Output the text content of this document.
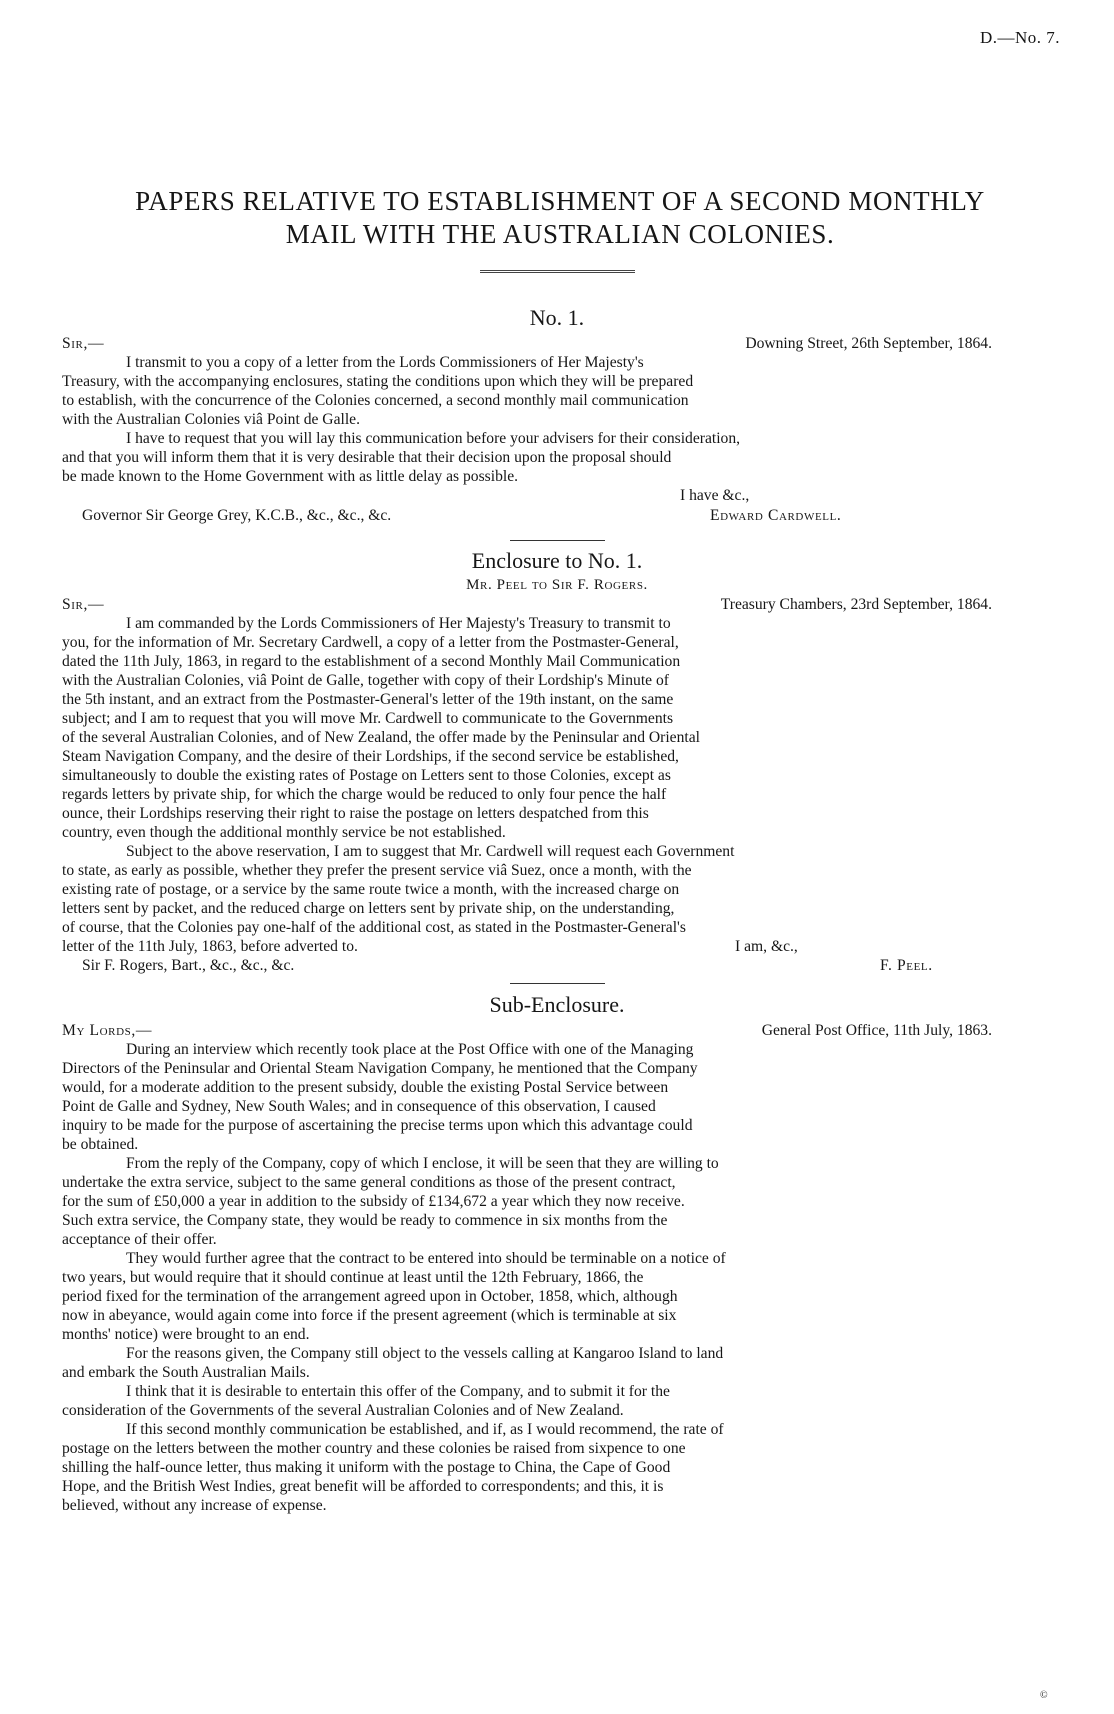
D.—No. 7.
PAPERS RELATIVE TO ESTABLISHMENT OF A SECOND MONTHLY
MAIL WITH THE AUSTRALIAN COLONIES.
No. 1.
Sir,—	Downing Street, 26th September, 1864.
I transmit to you a copy of a letter from the Lords Commissioners of Her Majesty's
Treasury, with the accompanying enclosures, stating the conditions upon which they will be prepared
to establish, with the concurrence of the Colonies concerned, a second monthly mail communication
with the Australian Colonies viâ Point de Galle.
I have to request that you will lay this communication before your advisers for their consideration,
and that you will inform them that it is very desirable that their decision upon the proposal should
be made known to the Home Government with as little delay as possible.
I have &c.,
Governor Sir George Grey, K.C.B., &c., &c., &c.	Edward Cardwell.
Enclosure to No. 1.
Mr. Peel to Sir F. Rogers.
Sir,—	Treasury Chambers, 23rd September, 1864.
I am commanded by the Lords Commissioners of Her Majesty's Treasury to transmit to
you, for the information of Mr. Secretary Cardwell, a copy of a letter from the Postmaster-General,
dated the 11th July, 1863, in regard to the establishment of a second Monthly Mail Communication
with the Australian Colonies, viâ Point de Galle, together with copy of their Lordship's Minute of
the 5th instant, and an extract from the Postmaster-General's letter of the 19th instant, on the same
subject; and I am to request that you will move Mr. Cardwell to communicate to the Governments
of the several Australian Colonies, and of New Zealand, the offer made by the Peninsular and Oriental
Steam Navigation Company, and the desire of their Lordships, if the second service be established,
simultaneously to double the existing rates of Postage on Letters sent to those Colonies, except as
regards letters by private ship, for which the charge would be reduced to only four pence the half
ounce, their Lordships reserving their right to raise the postage on letters despatched from this
country, even though the additional monthly service be not established.
Subject to the above reservation, I am to suggest that Mr. Cardwell will request each Government
to state, as early as possible, whether they prefer the present service viâ Suez, once a month, with the
existing rate of postage, or a service by the same route twice a month, with the increased charge on
letters sent by packet, and the reduced charge on letters sent by private ship, on the understanding,
of course, that the Colonies pay one-half of the additional cost, as stated in the Postmaster-General's
letter of the 11th July, 1863, before adverted to.	I am, &c.,
Sir F. Rogers, Bart., &c., &c., &c.	F. Peel.
Sub-Enclosure.
My Lords,—	General Post Office, 11th July, 1863.
During an interview which recently took place at the Post Office with one of the Managing
Directors of the Peninsular and Oriental Steam Navigation Company, he mentioned that the Company
would, for a moderate addition to the present subsidy, double the existing Postal Service between
Point de Galle and Sydney, New South Wales; and in consequence of this observation, I caused
inquiry to be made for the purpose of ascertaining the precise terms upon which this advantage could
be obtained.
From the reply of the Company, copy of which I enclose, it will be seen that they are willing to
undertake the extra service, subject to the same general conditions as those of the present contract,
for the sum of £50,000 a year in addition to the subsidy of £134,672 a year which they now receive.
Such extra service, the Company state, they would be ready to commence in six months from the
acceptance of their offer.
They would further agree that the contract to be entered into should be terminable on a notice of
two years, but would require that it should continue at least until the 12th February, 1866, the
period fixed for the termination of the arrangement agreed upon in October, 1858, which, although
now in abeyance, would again come into force if the present agreement (which is terminable at six
months' notice) were brought to an end.
For the reasons given, the Company still object to the vessels calling at Kangaroo Island to land
and embark the South Australian Mails.
I think that it is desirable to entertain this offer of the Company, and to submit it for the
consideration of the Governments of the several Australian Colonies and of New Zealand.
If this second monthly communication be established, and if, as I would recommend, the rate of
postage on the letters between the mother country and these colonies be raised from sixpence to one
shilling the half-ounce letter, thus making it uniform with the postage to China, the Cape of Good
Hope, and the British West Indies, great benefit will be afforded to correspondents; and this, it is
believed, without any increase of expense.
©
